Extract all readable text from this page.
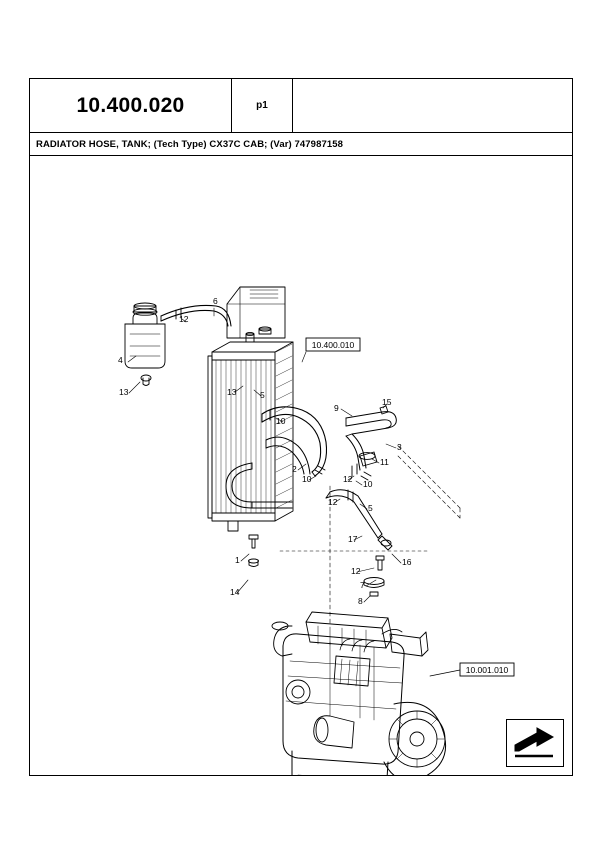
10.400.020	p1
RADIATOR HOSE, TANK; (Tech Type) CX37C CAB; (Var) 747987158
10.400.010
10.001.010
6
12
4
13	13	5
10
9
15
3
11
2
10	12 10
12
5
17
1	16
14
12
7
8
